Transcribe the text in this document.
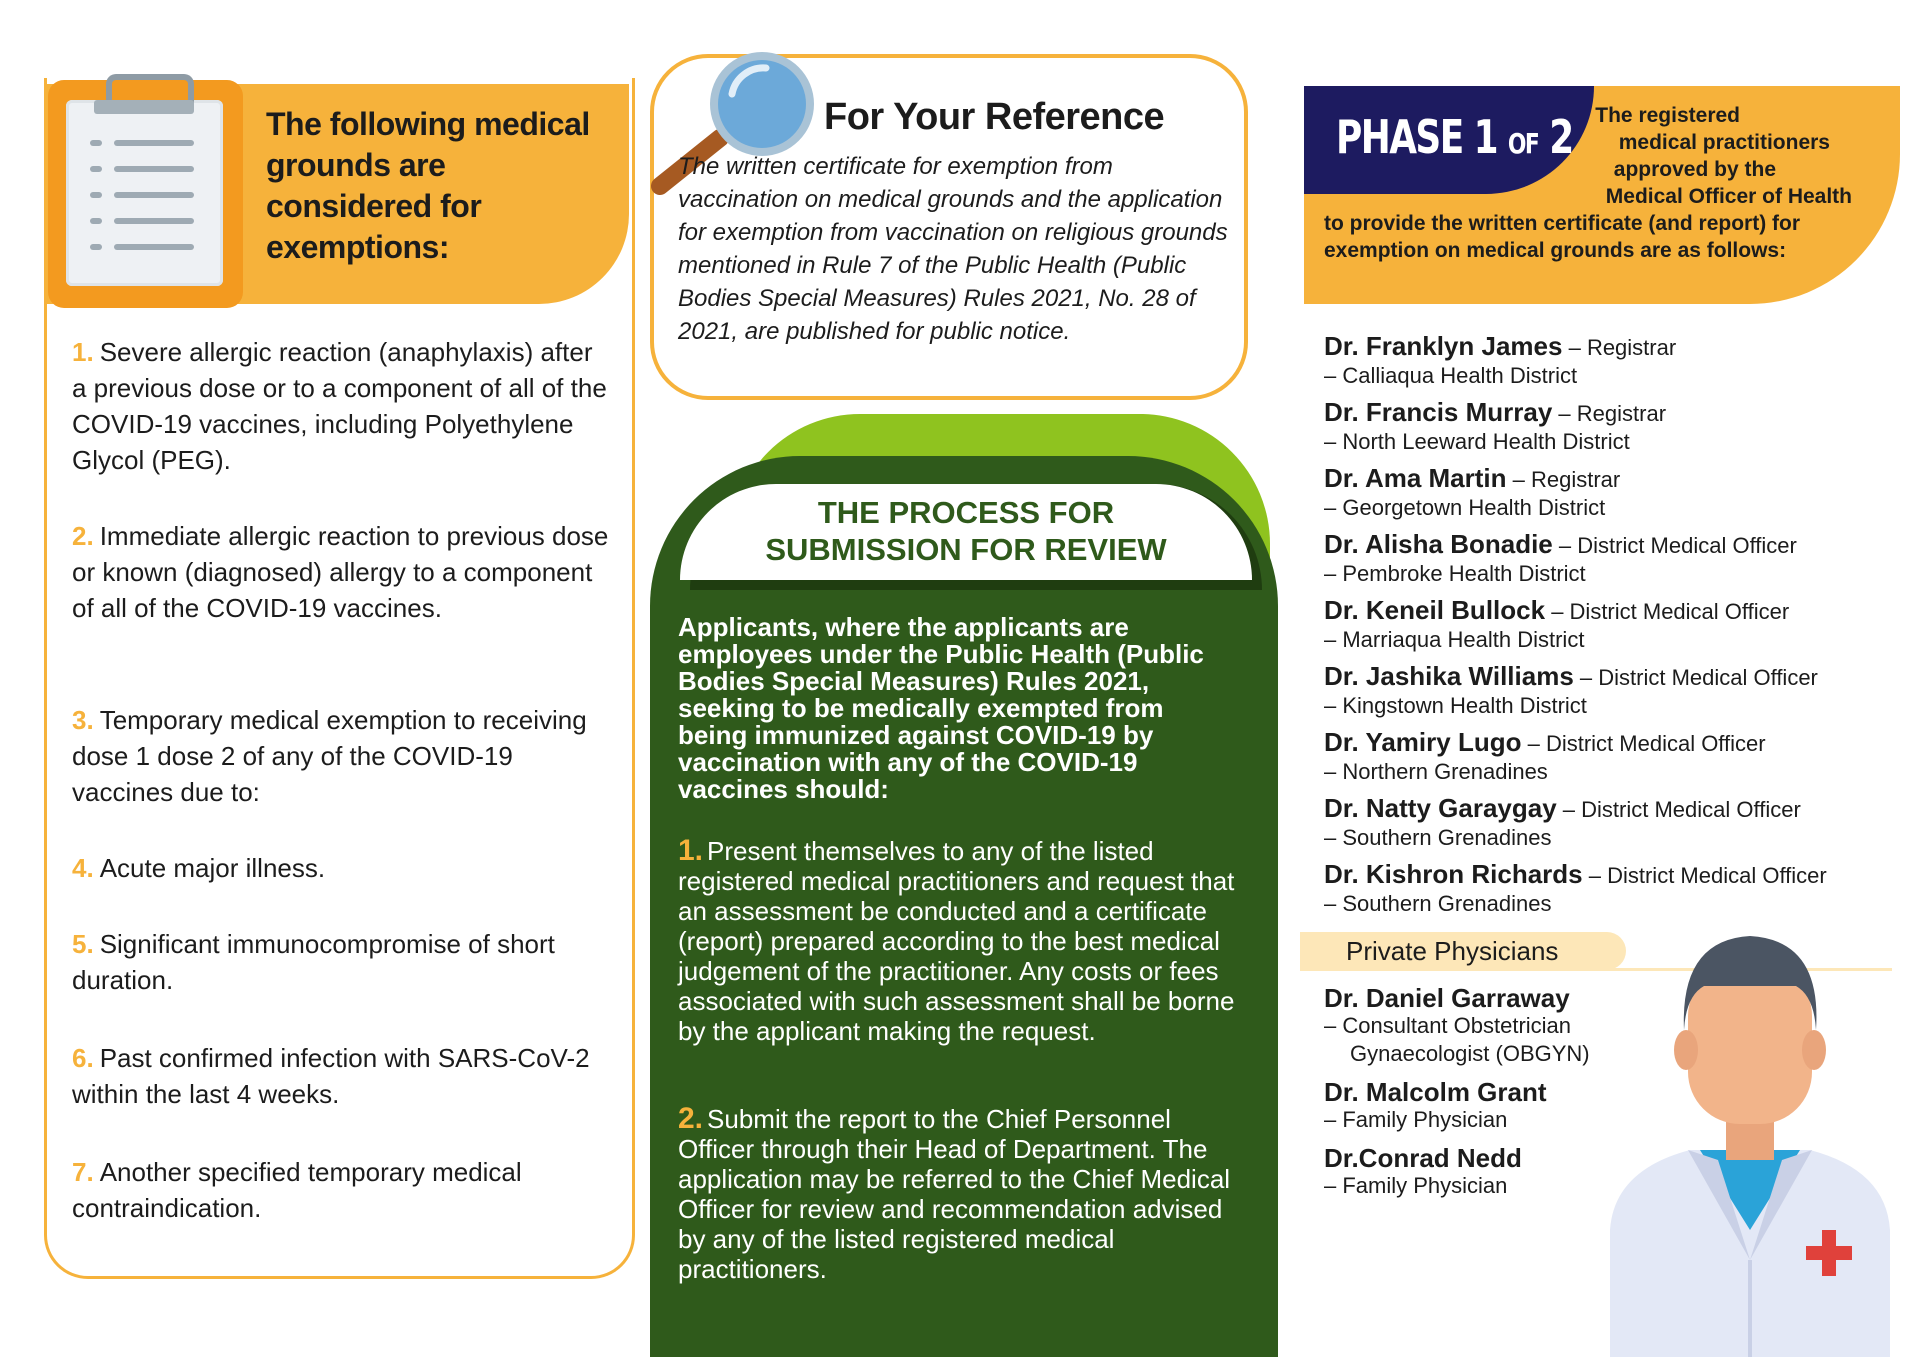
The following medical grounds are considered for exemptions:
1. Severe allergic reaction (anaphylaxis) after a previous dose or to a component of all of the COVID-19 vaccines, including Polyethylene Glycol (PEG).
2. Immediate allergic reaction to previous dose or known (diagnosed) allergy to a component of all of the COVID-19 vaccines.
3. Temporary medical exemption to receiving dose 1 dose 2 of any of the COVID-19 vaccines due to:
4. Acute major illness.
5. Significant immunocompromise of short duration.
6. Past confirmed infection with SARS-CoV-2 within the last 4 weeks.
7. Another specified temporary medical contraindication.
For Your Reference
The written certificate for exemption from vaccination on medical grounds and the application for exemption from vaccination on religious grounds mentioned in Rule 7 of the Public Health (Public Bodies Special Measures) Rules 2021, No. 28 of 2021, are published for public notice.
THE PROCESS FOR
SUBMISSION FOR REVIEW
Applicants, where the applicants are employees under the Public Health (Public Bodies Special Measures) Rules 2021, seeking to be medically exempted from being immunized against COVID-19 by vaccination with any of the COVID-19 vaccines should:
1. Present themselves to any of the listed registered medical practitioners and request that an assessment be conducted and a certificate (report) prepared according to the best medical judgement of the practitioner. Any costs or fees associated with such assessment shall be borne by the applicant making the request.
2. Submit the report to the Chief Personnel Officer through their Head of Department. The application may be referred to the Chief Medical Officer for review and recommendation advised by any of the listed registered medical practitioners.
PHASE 1 OF 2	The registered
medical practitioners
approved by the
Medical Officer of Health
to provide the written certificate (and report) for exemption on medical grounds are as follows:
Dr. Franklyn James – Registrar
– Calliaqua Health District
Dr. Francis Murray – Registrar
– North Leeward Health District
Dr. Ama Martin – Registrar
– Georgetown Health District
Dr. Alisha Bonadie – District Medical Officer
– Pembroke Health District
Dr. Keneil Bullock – District Medical Officer
– Marriaqua Health District
Dr. Jashika Williams – District Medical Officer
– Kingstown Health District
Dr. Yamiry Lugo – District Medical Officer
– Northern Grenadines
Dr. Natty Garaygay – District Medical Officer
– Southern Grenadines
Dr. Kishron Richards – District Medical Officer
– Southern Grenadines
Private Physicians
Dr. Daniel Garraway
– Consultant Obstetrician
Gynaecologist (OBGYN)
Dr. Malcolm Grant
– Family Physician
Dr.Conrad Nedd
– Family Physician
